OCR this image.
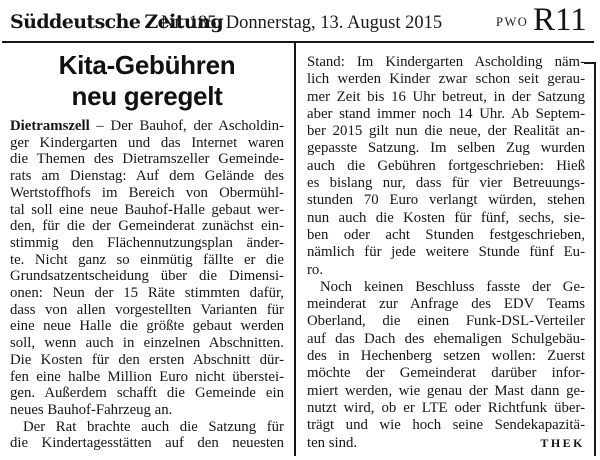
Süddeutsche Zeitung
Nr. 185, Donnerstag, 13. August 2015	PWO R11
Kita-Gebühren
neu geregelt
Dietramszell – Der Bauhof, der Ascholdin-
ger Kindergarten und das Internet waren
die Themen des Dietramszeller Gemeinde-
rats am Dienstag: Auf dem Gelände des
Wertstoffhofs im Bereich von Obermühl-
tal soll eine neue Bauhof-Halle gebaut wer-
den, für die der Gemeinderat zunächst ein-
stimmig den Flächennutzungsplan änder-
te. Nicht ganz so einmütig fällte er die
Grundsatzentscheidung über die Dimensi-
onen: Neun der 15 Räte stimmten dafür,
dass von allen vorgestellten Varianten für
eine neue Halle die größte gebaut werden
soll, wenn auch in einzelnen Abschnitten.
Die Kosten für den ersten Abschnitt dür-
fen eine halbe Million Euro nicht überstei-
gen. Außerdem schafft die Gemeinde ein
neues Bauhof-Fahrzeug an.
Der Rat brachte auch die Satzung für
die Kindertagesstätten auf den neuesten
Stand: Im Kindergarten Ascholding näm-
lich werden Kinder zwar schon seit gerau-
mer Zeit bis 16 Uhr betreut, in der Satzung
aber stand immer noch 14 Uhr. Ab Septem-
ber 2015 gilt nun die neue, der Realität an-
gepasste Satzung. Im selben Zug wurden
auch die Gebühren fortgeschrieben: Hieß
es bislang nur, dass für vier Betreuungs-
stunden 70 Euro verlangt würden, stehen
nun auch die Kosten für fünf, sechs, sie-
ben oder acht Stunden festgeschrieben,
nämlich für jede weitere Stunde fünf Eu-
ro.
Noch keinen Beschluss fasste der Ge-
meinderat zur Anfrage des EDV Teams
Oberland, die einen Funk-DSL-Verteiler
auf das Dach des ehemaligen Schulgebäu-
des in Hechenberg setzen wollen: Zuerst
möchte der Gemeinderat darüber infor-
miert werden, wie genau der Mast dann ge-
nutzt wird, ob er LTE oder Richtfunk über-
trägt und wie hoch seine Sendekapazitä-
ten sind.	THEK
